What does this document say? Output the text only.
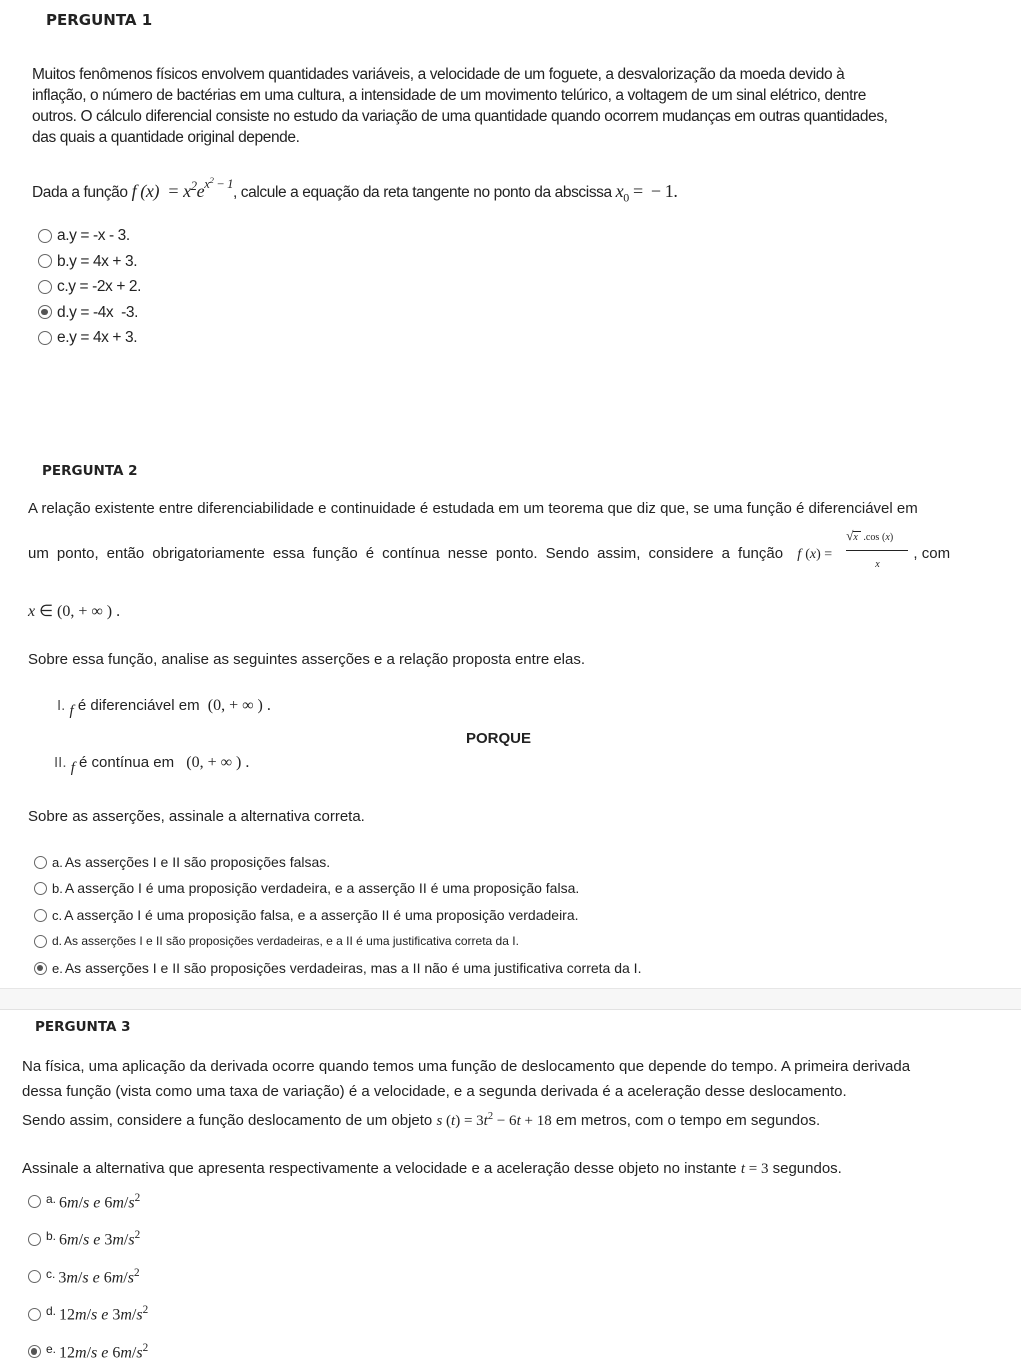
PERGUNTA 1
Muitos fenômenos físicos envolvem quantidades variáveis, a velocidade de um foguete, a desvalorização da moeda devido à
inflação, o número de bactérias em uma cultura, a intensidade de um movimento telúrico, a voltagem de um sinal elétrico, dentre
outros. O cálculo diferencial consiste no estudo da variação de uma quantidade quando ocorrem mudanças em outras quantidades,
das quais a quantidade original depende.
Dada a função f $(x) = x^2e^{x^2 - 1}$, calcule a equação da reta tangente no ponto da abscissa $x_0$ =  − 1.
a. y = -x - 3.
b. y = 4x + 3.
c. y = -2x + 2.
d. y = -4x  -3.
e. y = 4x + 3.
PERGUNTA 2
A relação existente entre diferenciabilidade e continuidade é estudada em um teorema que diz que, se uma função é diferenciável em
um ponto, então obrigatoriamente essa função é contínua nesse ponto. Sendo assim, considere a função f (x) =
√x .cos (x)
x
, com
x ∈ (0, + ∞ ) .
Sobre essa função, analise as seguintes asserções e a relação proposta entre elas.
I. f é diferenciável em  (0, + ∞ ) .
PORQUE
II. f é contínua em   (0, + ∞ ) .
Sobre as asserções, assinale a alternativa correta.
a. As asserções I e II são proposições falsas.
b. A asserção I é uma proposição verdadeira, e a asserção II é uma proposição falsa.
c. A asserção I é uma proposição falsa, e a asserção II é uma proposição verdadeira.
d. As asserções I e II são proposições verdadeiras, e a II é uma justificativa correta da I.
e. As asserções I e II são proposições verdadeiras, mas a II não é uma justificativa correta da I.
PERGUNTA 3
Na física, uma aplicação da derivada ocorre quando temos uma função de deslocamento que depende do tempo. A primeira derivada
dessa função (vista como uma taxa de variação) é a velocidade, e a segunda derivada é a aceleração desse deslocamento.
Sendo assim, considere a função deslocamento de um objeto s $(t) = 3t^2 - 6t + 18$ em metros, com o tempo em segundos.
Assinale a alternativa que apresenta respectivamente a velocidade e a aceleração desse objeto no instante t = 3 segundos.
a. 6m/s e $6m/s^2$
b. 6m/s e $3m/s^2$
c. 3m/s e $6m/s^2$
d. 12m/s e $3m/s^2$
e. 12m/s e $6m/s^2$
